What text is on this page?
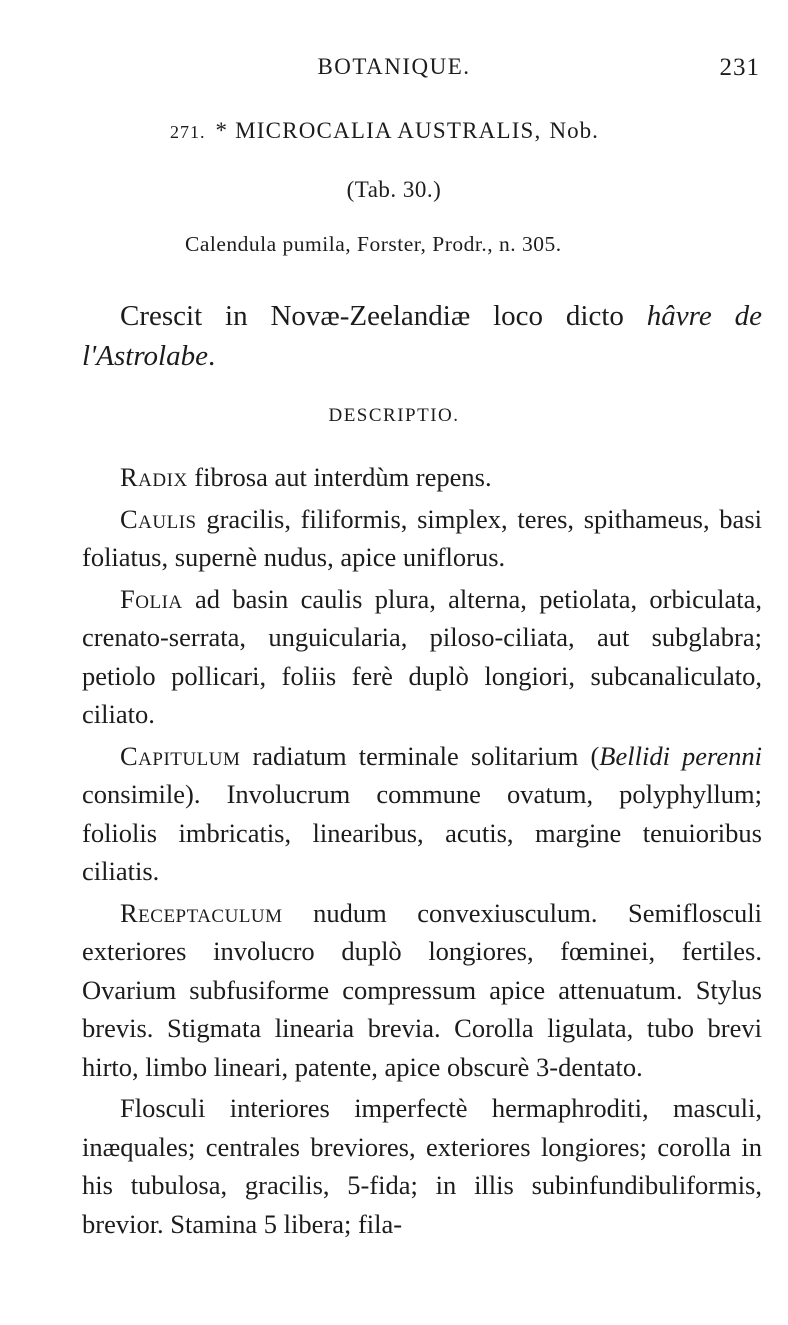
BOTANIQUE.	231
271. * MICROCALIA AUSTRALIS, Nob.
(Tab. 30.)
Calendula pumila, Forster, Prodr., n. 305.
Crescit in Novæ-Zeelandiæ loco dicto hâvre de l'Astrolabe.
DESCRIPTIO.

Radix fibrosa aut interdùm repens.

Caulis gracilis, filiformis, simplex, teres, spithameus, basi foliatus, supernè nudus, apice uniflorus.

Folia ad basin caulis plura, alterna, petiolata, orbiculata, crenato-serrata, unguicularia, piloso-ciliata, aut subglabra; petiolo pollicari, foliis ferè duplò longiori, subcanaliculato, ciliato.

Capitulum radiatum terminale solitarium (Bellidi perenni consimile). Involucrum commune ovatum, polyphyllum; foliolis imbricatis, linearibus, acutis, margine tenuioribus ciliatis.

Receptaculum nudum convexiusculum. Semiflosculi exteriores involucro duplò longiores, fœminei, fertiles. Ovarium subfusiforme compressum apice attenuatum. Stylus brevis. Stigmata linearia brevia. Corolla ligulata, tubo brevi hirto, limbo lineari, patente, apice obscurè 3-dentato.

Flosculi interiores imperfectè hermaphroditi, masculi, inæquales; centrales breviores, exteriores longiores; corolla in his tubulosa, gracilis, 5-fida; in illis subinfundibuliformis, brevior. Stamina 5 libera; fila-
